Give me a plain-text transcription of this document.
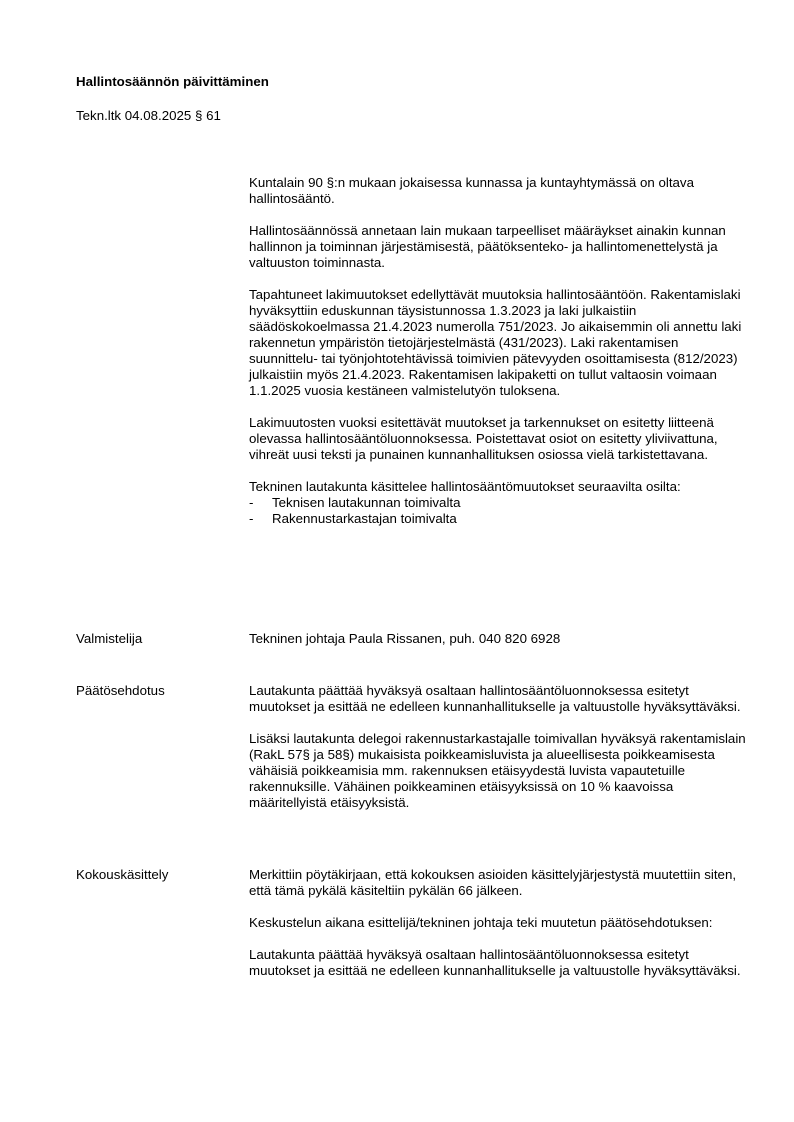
Hallintosäännön päivittäminen
Tekn.ltk 04.08.2025 § 61

Kuntalain 90 §:n mukaan jokaisessa kunnassa ja kuntayhtymässä on oltava hallintosääntö.

Hallintosäännössä annetaan lain mukaan tarpeelliset määräykset ainakin kunnan hallinnon ja toiminnan järjestämisestä, päätöksenteko- ja hallintomenettelystä ja valtuuston toiminnasta.

Tapahtuneet lakimuutokset edellyttävät muutoksia hallintosääntöön. Rakentamislaki hyväksyttiin eduskunnan täysistunnossa 1.3.2023 ja laki julkaistiin säädöskokoelmassa 21.4.2023 numerolla 751/2023. Jo aikaisemmin oli annettu laki rakennetun ympäristön tietojärjestelmästä (431/2023). Laki rakentamisen suunnittelu- tai työnjohtotehtävissä toimivien pätevyyden osoittamisesta (812/2023) julkaistiin myös 21.4.2023. Rakentamisen lakipaketti on tullut valtaosin voimaan 1.1.2025 vuosia kestäneen valmistelutyön tuloksena.

Lakimuutosten vuoksi esitettävät muutokset ja tarkennukset on esitetty liitteenä olevassa hallintosääntöluonnoksessa. Poistettavat osiot on esitetty yliviivattuna, vihreät uusi teksti ja punainen kunnanhallituksen osiossa vielä tarkistettavana.

Tekninen lautakunta käsittelee hallintosääntömuutokset seuraavilta osilta:

- Teknisen lautakunnan toimivalta
- Rakennustarkastajan toimivalta
Valmistelija	Tekninen johtaja Paula Rissanen, puh. 040 820 6928
Päätösehdotus	Lautakunta päättää hyväksyä osaltaan hallintosääntöluonnoksessa esitetyt muutokset ja esittää ne edelleen kunnanhallitukselle ja valtuustolle hyväksyttäväksi.

Lisäksi lautakunta delegoi rakennustarkastajalle toimivallan hyväksyä rakentamislain (RakL 57§ ja 58§) mukaisista poikkeamisluvista ja alueellisesta poikkeamisesta vähäisiä poikkeamisia mm. rakennuksen etäisyydestä luvista vapautetuille rakennuksille. Vähäinen poikkeaminen etäisyyksissä on 10 % kaavoissa määritellyistä etäisyyksistä.

Kokouskäsittely	Merkittiin pöytäkirjaan, että kokouksen asioiden käsittelyjärjestystä muutettiin siten, että tämä pykälä käsiteltiin pykälän 66 jälkeen.

Keskustelun aikana esittelijä/tekninen johtaja teki muutetun päätösehdotuksen:

Lautakunta päättää hyväksyä osaltaan hallintosääntöluonnoksessa esitetyt muutokset ja esittää ne edelleen kunnanhallitukselle ja valtuustolle hyväksyttäväksi.
